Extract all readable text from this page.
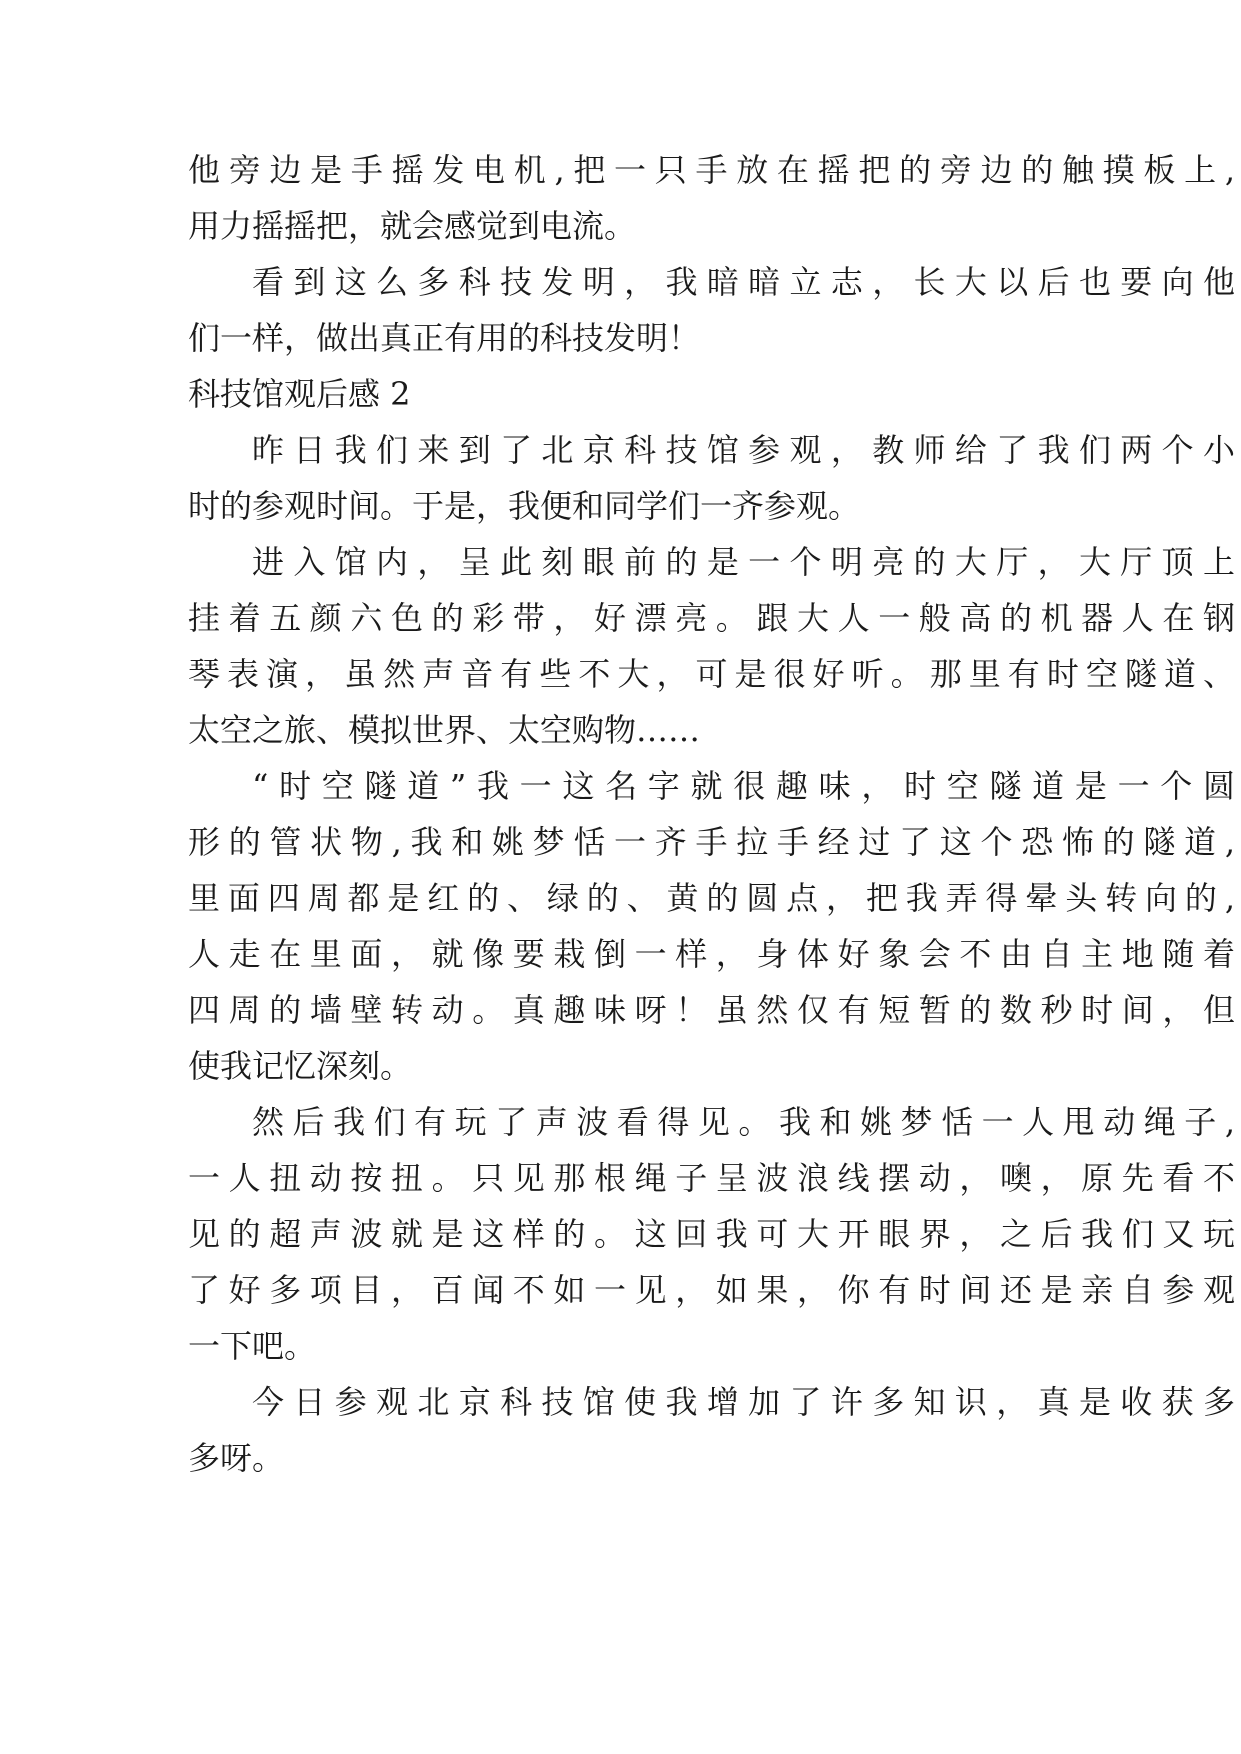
他旁边是手摇发电机,把一只手放在摇把的旁边的触摸板上,
用力摇摇把，就会感觉到电流。
看到这么多科技发明，我暗暗立志，长大以后也要向他
们一样，做出真正有用的科技发明！
科技馆观后感 2
昨日我们来到了北京科技馆参观，教师给了我们两个小
时的参观时间。于是，我便和同学们一齐参观。
进入馆内，呈此刻眼前的是一个明亮的大厅，大厅顶上
挂着五颜六色的彩带，好漂亮。跟大人一般高的机器人在钢
琴表演，虽然声音有些不大，可是很好听。那里有时空隧道、
太空之旅、模拟世界、太空购物……
“时空隧道”我一这名字就很趣味，时空隧道是一个圆
形的管状物,我和姚梦恬一齐手拉手经过了这个恐怖的隧道,
里面四周都是红的、绿的、黄的圆点，把我弄得晕头转向的,
人走在里面，就像要栽倒一样，身体好象会不由自主地随着
四周的墙壁转动。真趣味呀！虽然仅有短暂的数秒时间，但
使我记忆深刻。
然后我们有玩了声波看得见。我和姚梦恬一人甩动绳子,
一人扭动按扭。只见那根绳子呈波浪线摆动，噢，原先看不
见的超声波就是这样的。这回我可大开眼界，之后我们又玩
了好多项目，百闻不如一见，如果，你有时间还是亲自参观
一下吧。
今日参观北京科技馆使我增加了许多知识，真是收获多
多呀。
